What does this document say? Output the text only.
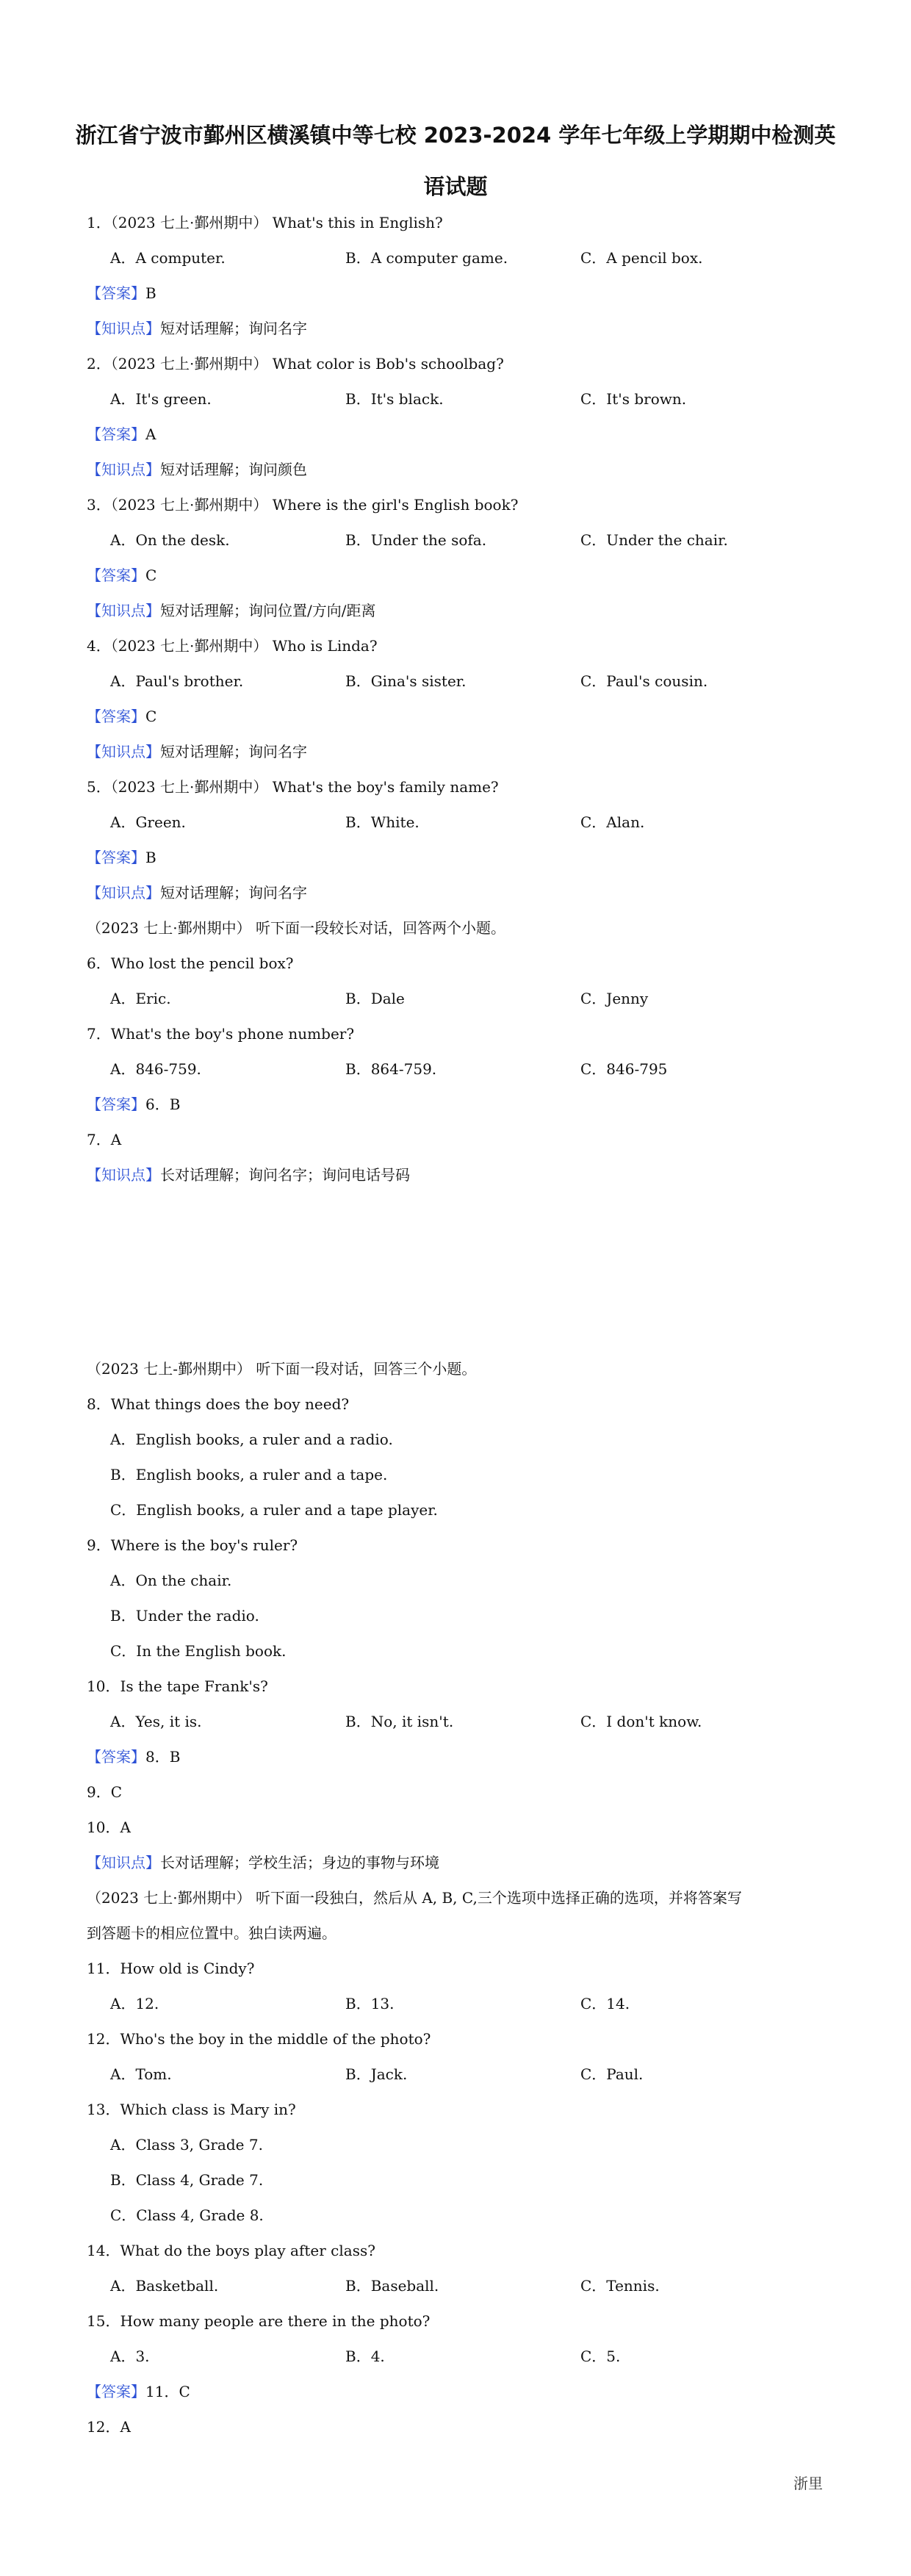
浙江省宁波市鄞州区横溪镇中等七校 2023-2024 学年七年级上学期期中检测英
语试题
1．（2023 七上·鄞州期中） What's this in English?
A．A computer.	B．A computer game.	C．A pencil box.
【答案】B
【知识点】短对话理解；询问名字
2．（2023 七上·鄞州期中） What color is Bob's schoolbag?
A．It's green.	B．It's black.	C．It's brown.
【答案】A
【知识点】短对话理解；询问颜色
3．（2023 七上·鄞州期中） Where is the girl's English book?
A．On the desk.	B．Under the sofa.	C．Under the chair.
【答案】C
【知识点】短对话理解；询问位置/方向/距离
4．（2023 七上·鄞州期中） Who is Linda?
A．Paul's brother.	B．Gina's sister.	C．Paul's cousin.
【答案】C
【知识点】短对话理解；询问名字
5．（2023 七上·鄞州期中） What's the boy's family name?
A．Green.	B．White.	C．Alan.
【答案】B
【知识点】短对话理解；询问名字
（2023 七上·鄞州期中） 听下面一段较长对话，回答两个小题。
6．Who lost the pencil box?
A．Eric.	B．Dale	C．Jenny
7．What's the boy's phone number?
A．846-759.	B．864-759.	C．846-795
【答案】6．B
7．A
【知识点】长对话理解；询问名字；询问电话号码
（2023 七上-鄞州期中） 听下面一段对话，回答三个小题。
8．What things does the boy need?
A．English books, a ruler and a radio.
B．English books, a ruler and a tape.
C．English books, a ruler and a tape player.
9．Where is the boy's ruler?
A．On the chair.
B．Under the radio.
C．In the English book.
10．Is the tape Frank's?
A．Yes, it is.	B．No, it isn't.	C．I don't know.
【答案】8．B
9．C
10．A
【知识点】长对话理解；学校生活；身边的事物与环境
（2023 七上·鄞州期中） 听下面一段独白，然后从 A, B, C,三个选项中选择正确的选项，并将答案写
到答题卡的相应位置中。独白读两遍。
11．How old is Cindy?
A．12.	B．13.	C．14.
12．Who's the boy in the middle of the photo?
A．Tom.	B．Jack.	C．Paul.
13．Which class is Mary in?
A．Class 3, Grade 7.
B．Class 4, Grade 7.
C．Class 4, Grade 8.
14．What do the boys play after class?
A．Basketball.	B．Baseball.	C．Tennis.
15．How many people are there in the photo?
A．3.	B．4.	C．5.
【答案】11．C
12．A
浙里
